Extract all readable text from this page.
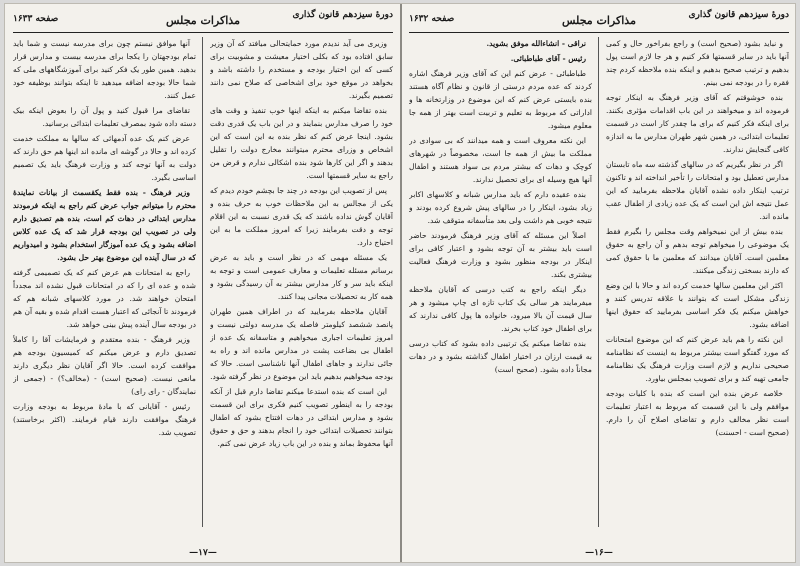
دورهٔ سیزدهم قانون گذاری
مذاکرات مجلس
صفحه ۱۶۳۳

وزیری می آید ندیدم مورد حمایتحالی میافتد که آن وزیر سابق افتاده بود که بکلی اختیار معیشت و مشوبیت برای کسی که این اختیار بودجه و مستخدم را داشته باشد و بخواهد در موقع خود برای اشخاصی که صلاح نمی دانند تصمیم بگیرند.

بنده تقاضا میکنم به اینکه اینها خوب تنفیذ و وقت های خود را صرف مدارس بنمایند و در این باب یک قدری دقت بشود. اینجا عرض کنم که نظر بنده به این است که این اشخاص و وزرای محترم میتوانند مخارج دولت را تقلیل بدهند و اگر این کارها شود بنده اشکالی ندارم و قرض من راجع به سایر قسمتها است.

پس از تصویب این بودجه در چند جا بچشم خودم دیدم که یکی از مجالس به این ملاحظات خوب به حرف بنده و آقایان گوش نداده باشند که یک قدری نسبت به این اقلام توجه و دقت بفرمایند زیرا که امروز مملکت ما به این احتیاج دارد.

یک مسئله مهمی که در نظر است و باید به عرض برسانم مسئله تعلیمات و معارف عمومی است و توجه به اینکه باید سر و کار مدارس بیشتر به آن رسیدگی بشود و همه کار به تحصیلات مجانی پیدا کنند.

آقایان ملاحظه بفرمایید که در اطراف همین طهران پانصد ششصد کیلومتر فاصله یک مدرسه دولتی نیست و امروز تعلیمات اجباری میخواهیم و متاسفانه یک عده از اطفال بی بضاعت پشت در مدارس مانده اند و راه به جائی ندارند و جاهای اطفال آنها ناشناسی است. حالا که بودجه میخواهیم بدهیم باید این موضوع در نظر گرفته شود.

این است که بنده استدعا میکنم تقاضا دارم قبل از آنکه بودجه را به اینطور تصویب کنیم فکری برای این قسمت بشود و مدارس ابتدائی در دهات افتتاح بشود که اطفال بتوانند تحصیلات ابتدائی خود را انجام بدهند و حق و حقوق آنها محفوظ بماند و بنده در این باب زیاد عرض نمی کنم.

آنها موافق نیستم چون برای مدرسه نیست و شما باید تمام بودجهتان را یکجا برای مدرسه بیست و مدارس قرار بدهید. همین طور یک فکر کنید برای آموزشگاههای ملی که شما حالا بودجه اضافه میدهید تا اینکه بتوانند بوظیفه خود عمل کنند.

تقاضای مرا قبول کنید و پول آن را بعوض اینکه بیک دسته داده شود بمصرف تعلیمات ابتدائی برسانید.

عرض کنم یک عده آدمهائی که سالها به مملکت خدمت کرده اند و حالا در گوشه ای مانده اند اینها هم حق دارند که دولت به آنها توجه کند و وزارت فرهنگ باید یک تصمیم اساسی بگیرد.

وزیر فرهنگ - بنده فقط یکقسمت از بیانات نمایندهٔ محترم را میتوانم جواب عرض کنم راجع به اینکه فرمودند مدارس ابتدائی در دهات کم است، بنده هم تصدیق دارم ولی در تصویب این بودجه قرار شد که یک عده کلاس اضافه بشود و یک عده آموزگار استخدام بشود و امیدواریم که در سال آینده این موضوع بهتر حل بشود.

راجع به امتحانات هم عرض کنم که یک تصمیمی گرفته شده و عده ای را که در امتحانات قبول نشده اند مجدداً امتحان خواهند شد. در مورد کلاسهای شبانه هم که فرمودند تا آنجائی که اعتبار هست اقدام شده و بقیه آن هم در بودجه سال آینده پیش بینی خواهد شد.

وزیر فرهنگ - بنده معتقدم و فرمایشات آقا را کاملاً تصدیق دارم و عرض میکنم که کمیسیون بودجه هم موافقت کرده است. حالا اگر آقایان نظر دیگری دارند مانعی نیست. (صحیح است) - (مخالف؟) - (جمعی از نمایندگان - رای رای)

رئیس - آقایانی که با مادهٔ مربوط به بودجه وزارت فرهنگ موافقت دارند قیام فرمایند. (اکثر برخاستند) تصویب شد.

—۱۷—
دورهٔ سیزدهم قانون گذاری
مذاکرات مجلس
صفحه ۱۶۳۲

و نباید بشود (صحیح است) و راجع بفراخور حال و کمی آنها باید در سایر قسمتها فکر کنیم و هر جا لازم است پول بدهیم و ترتیب صحیح بدهیم و اینکه بنده ملاحظه کردم چند فقره را در بودجه نمی بینم.

بنده خوشوقتم که آقای وزیر فرهنگ به اینکار توجه فرموده اند و میخواهند در این باب اقدامات مؤثری بکنند. برای اینکه فکر کنیم که برای ما چقدر کار است در قسمت تعلیمات ابتدائی، در همین شهر طهران مدارس ما به اندازه کافی گنجایش ندارند.

اگر در نظر بگیریم که در سالهای گذشته سه ماه تابستان مدارس تعطیل بود و امتحانات را تأخیر انداخته اند و تاکنون ترتیب اینکار داده نشده آقایان ملاحظه بفرمایید که این عمل نتیجه اش این است که یک عده زیادی از اطفال عقب مانده اند.

بنده بیش از این نمیخواهم وقت مجلس را بگیرم فقط یک موضوعی را میخواهم توجه بدهم و آن راجع به حقوق معلمین است. آقایان میدانند که معلمین ما با حقوق کمی که دارند بسختی زندگی میکنند.

اکثر این معلمین سالها خدمت کرده اند و حالا با این وضع زندگی مشکل است که بتوانند با علاقه تدریس کنند و خواهش میکنم یک فکر اساسی بفرمایید که حقوق اینها اضافه بشود.

این نکته را هم باید عرض کنم که این موضوع امتحانات که مورد گفتگو است بیشتر مربوط به اینست که نظامنامه صحیحی نداریم و لازم است وزارت فرهنگ یک نظامنامه جامعی تهیه کند و برای تصویب بمجلس بیاورد.

خلاصه عرض بنده این است که بنده با کلیات بودجه موافقم ولی با این قسمت که مربوط به اعتبار تعلیمات است نظر مخالف دارم و تقاضای اصلاح آن را دارم. (صحیح است - احسنت)

نراقی - انشاءالله موفق بشوید.

رئیس - آقای طباطبائی.

طباطبائی - عرض کنم این که آقای وزیر فرهنگ اشاره کردند که عده مردم درستی از قانون و نظام آگاه هستند بنده بایستی عرض کنم که این موضوع در وزارتخانه ها و اداراتی که مربوط به تعلیم و تربیت است بهتر از همه جا معلوم میشود.

این نکته معروف است و همه میدانند که بی سوادی در مملکت ما بیش از همه جا است، مخصوصاً در شهرهای کوچک و دهات که بیشتر مردم بی سواد هستند و اطفال آنها هیچ وسیله ای برای تحصیل ندارند.

بنده عقیده دارم که باید مدارس شبانه و کلاسهای اکابر زیاد بشود، اینکار را در سالهای پیش شروع کرده بودند و نتیجه خوبی هم داشت ولی بعد متأسفانه متوقف شد.

اصلاً این مسئله که آقای وزیر فرهنگ فرمودند حاضر است باید بیشتر به آن توجه بشود و اعتبار کافی برای اینکار در بودجه منظور بشود و وزارت فرهنگ فعالیت بیشتری بکند.

دیگر اینکه راجع به کتب درسی که آقایان ملاحظه میفرمایند هر سالی یک کتاب تازه ای چاپ میشود و هر سال قیمت آن بالا میرود، خانواده ها پول کافی ندارند که برای اطفال خود کتاب بخرند.

بنده تقاضا میکنم یک ترتیبی داده بشود که کتاب درسی به قیمت ارزان در اختیار اطفال گذاشته بشود و در دهات مجاناً داده بشود. (صحیح است)

—۱۶—
